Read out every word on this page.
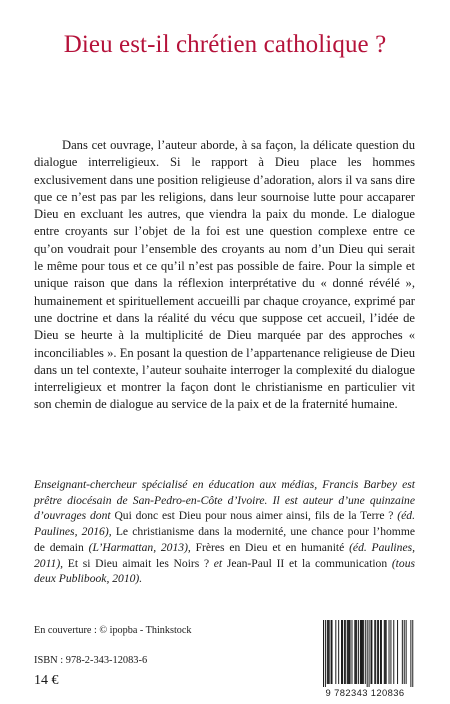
Dieu est-il chrétien catholique ?

Dans cet ouvrage, l’auteur aborde, à sa façon, la délicate question du dialogue interreligieux. Si le rapport à Dieu place les hommes exclusivement dans une position religieuse d’adoration, alors il va sans dire que ce n’est pas par les religions, dans leur sournoise lutte pour accaparer Dieu en excluant les autres, que viendra la paix du monde. Le dialogue entre croyants sur l’objet de la foi est une question complexe entre ce qu’on voudrait pour l’ensemble des croyants au nom d’un Dieu qui serait le même pour tous et ce qu’il n’est pas possible de faire. Pour la simple et unique raison que dans la réflexion interprétative du « donné révélé », humainement et spirituellement accueilli par chaque croyance, exprimé par une doctrine et dans la réalité du vécu que suppose cet accueil, l’idée de Dieu se heurte à la multiplicité de Dieu marquée par des approches « inconciliables ». En posant la question de l’appartenance religieuse de Dieu dans un tel contexte, l’auteur souhaite interroger la complexité du dialogue interreligieux et montrer la façon dont le christianisme en particulier vit son chemin de dialogue au service de la paix et de la fraternité humaine.

Enseignant-chercheur spécialisé en éducation aux médias, Francis Barbey est prêtre diocésain de San-Pedro-en-Côte d’Ivoire. Il est auteur d’une quinzaine d’ouvrages dont Qui donc est Dieu pour nous aimer ainsi, fils de la Terre ? (éd. Paulines, 2016), Le christianisme dans la modernité, une chance pour l’homme de demain (L’Harmattan, 2013), Frères en Dieu et en humanité (éd. Paulines, 2011), Et si Dieu aimait les Noirs ? et Jean-Paul II et la communication (tous deux Publibook, 2010).

En couverture : © ipopba - Thinkstock

ISBN : 978-2-343-12083-6

14 €

9 782343 120836
